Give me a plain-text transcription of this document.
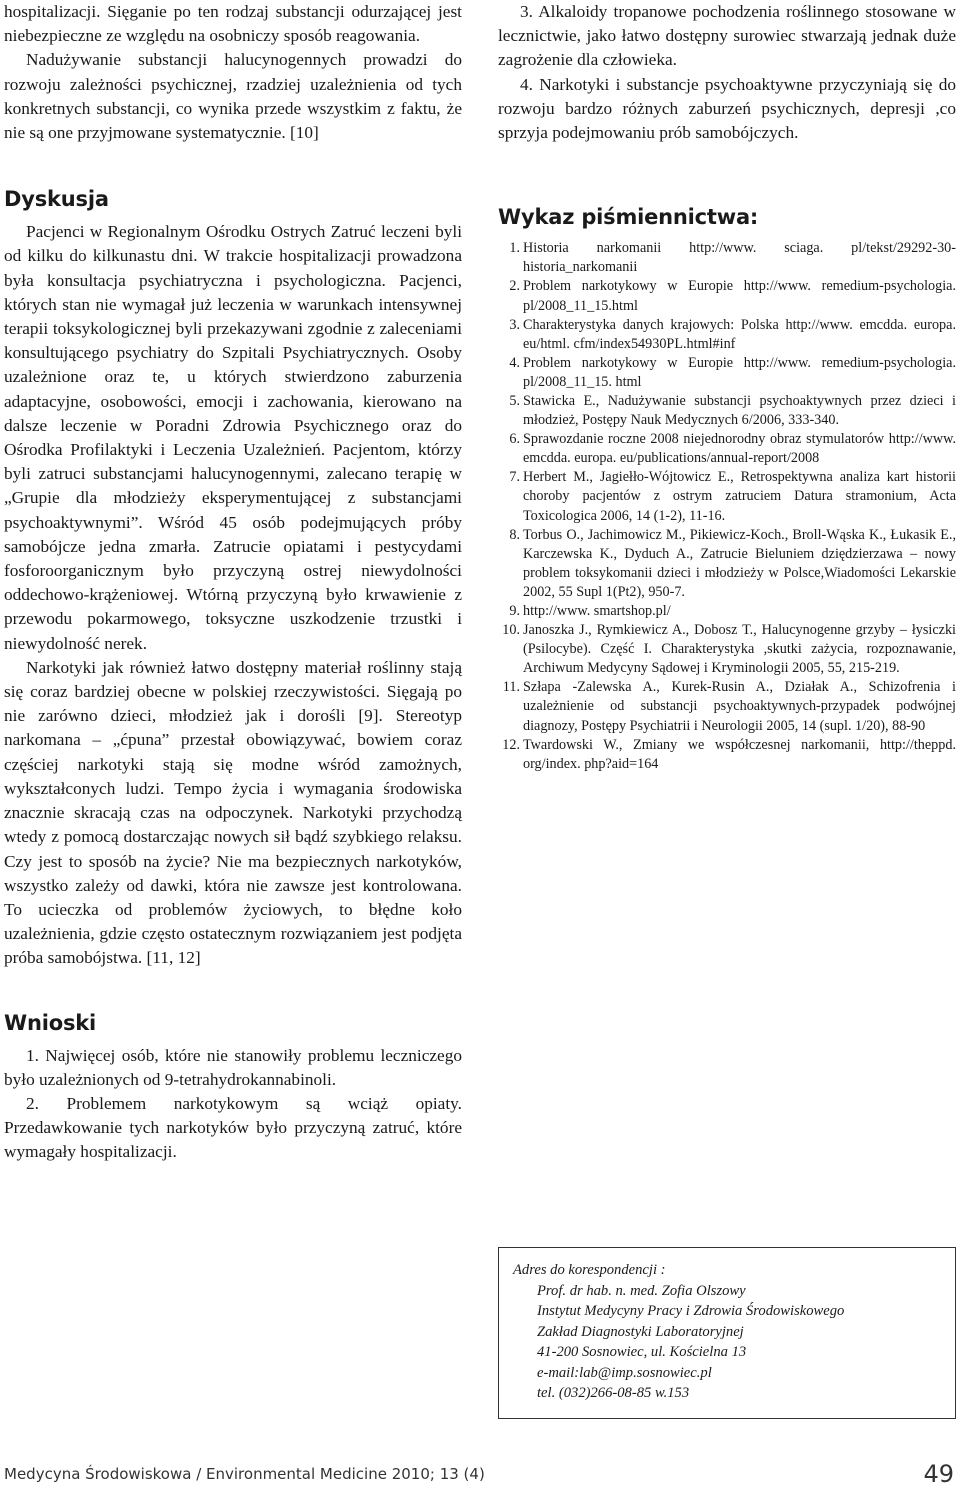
hospitalizacji. Sięganie po ten rodzaj substancji odurzającej jest niebezpieczne ze względu na osobniczy sposób reagowania.

Nadużywanie substancji halucynogennych prowadzi do rozwoju zależności psychicznej, rzadziej uzależnienia od tych konkretnych substancji, co wynika przede wszystkim z faktu, że nie są one przyjmowane systematycznie. [10]

Dyskusja

Pacjenci w Regionalnym Ośrodku Ostrych Zatruć leczeni byli od kilku do kilkunastu dni. W trakcie hospitalizacji prowadzona była konsultacja psychiatryczna i psychologiczna. Pacjenci, których stan nie wymagał już leczenia w warunkach intensywnej terapii toksykologicznej byli przekazywani zgodnie z zaleceniami konsultującego psychiatry do Szpitali Psychiatrycznych. Osoby uzależnione oraz te, u których stwierdzono zaburzenia adaptacyjne, osobowości, emocji i zachowania, kierowano na dalsze leczenie w Poradni Zdrowia Psychicznego oraz do Ośrodka Profilaktyki i Leczenia Uzależnień. Pacjentom, którzy byli zatruci substancjami halucynogennymi, zalecano terapię w „Grupie dla młodzieży eksperymentującej z substancjami psychoaktywnymi”. Wśród 45 osób podejmujących próby samobójcze jedna zmarła. Zatrucie opiatami i pestycydami fosforoorganicznym było przyczyną ostrej niewydolności oddechowo-krążeniowej. Wtórną przyczyną było krwawienie z przewodu pokarmowego, toksyczne uszkodzenie trzustki i niewydolność nerek.

Narkotyki jak również łatwo dostępny materiał roślinny stają się coraz bardziej obecne w polskiej rzeczywistości. Sięgają po nie zarówno dzieci, młodzież jak i dorośli [9]. Stereotyp narkomana – „ćpuna” przestał obowiązywać, bowiem coraz częściej narkotyki stają się modne wśród zamożnych, wykształconych ludzi. Tempo życia i wymagania środowiska znacznie skracają czas na odpoczynek. Narkotyki przychodzą wtedy z pomocą dostarczając nowych sił bądź szybkiego relaksu. Czy jest to sposób na życie? Nie ma bezpiecznych narkotyków, wszystko zależy od dawki, która nie zawsze jest kontrolowana. To ucieczka od problemów życiowych, to błędne koło uzależnienia, gdzie często ostatecznym rozwiązaniem jest podjęta próba samobójstwa. [11, 12]

Wnioski

1. Najwięcej osób, które nie stanowiły problemu leczniczego było uzależnionych od 9-tetrahydrokannabinoli.

2. Problemem narkotykowym są wciąż opiaty. Przedawkowanie tych narkotyków było przyczyną zatruć, które wymagały hospitalizacji.

3. Alkaloidy tropanowe pochodzenia roślinnego stosowane w lecznictwie, jako łatwo dostępny surowiec stwarzają jednak duże zagrożenie dla człowieka.

4. Narkotyki i substancje psychoaktywne przyczyniają się do rozwoju bardzo różnych zaburzeń psychicznych, depresji ,co sprzyja podejmowaniu prób samobójczych.

Wykaz piśmiennictwa:
1. Historia narkomanii http://www. sciaga. pl/tekst/29292-30-historia_narkomanii
2. Problem narkotykowy w Europie http://www. remedium-psychologia. pl/2008_11_15.html
3. Charakterystyka danych krajowych: Polska http://www. emcdda. europa. eu/html. cfm/index54930PL.html#inf
4. Problem narkotykowy w Europie http://www. remedium-psychologia. pl/2008_11_15. html
5. Stawicka E., Nadużywanie substancji psychoaktywnych przez dzieci i młodzież, Postępy Nauk Medycznych 6/2006, 333-340.
6. Sprawozdanie roczne 2008 niejednorodny obraz stymulatorów http://www. emcdda. europa. eu/publications/annual-report/2008
7. Herbert M., Jagiełło-Wójtowicz E., Retrospektywna analiza kart historii choroby pacjentów z ostrym zatruciem Datura stramonium, Acta Toxicologica 2006, 14 (1-2), 11-16.
8. Torbus O., Jachimowicz M., Pikiewicz-Koch., Broll-Wąska K., Łukasik E., Karczewska K., Dyduch A., Zatrucie Bieluniem dziędzierzawa – nowy problem toksykomanii dzieci i młodzieży w Polsce,Wiadomości Lekarskie 2002, 55 Supl 1(Pt2), 950-7.
9. http://www. smartshop.pl/
10. Janoszka J., Rymkiewicz A., Dobosz T., Halucynogenne grzyby – łysiczki (Psilocybe). Część I. Charakterystyka ,skutki zażycia, rozpoznawanie, Archiwum Medycyny Sądowej i Kryminologii 2005, 55, 215-219.
11. Szłapa -Zalewska A., Kurek-Rusin A., Działak A., Schizofrenia i uzależnienie od substancji psychoaktywnych-przypadek podwójnej diagnozy, Postępy Psychiatrii i Neurologii 2005, 14 (supl. 1/20), 88-90
12. Twardowski W., Zmiany we współczesnej narkomanii, http://theppd. org/index. php?aid=164

Adres do korespondencji :

Prof. dr hab. n. med. Zofia Olszowy

Instytut Medycyny Pracy i Zdrowia Środowiskowego

Zakład Diagnostyki Laboratoryjnej

41-200 Sosnowiec, ul. Kościelna 13

e-mail:lab@imp.sosnowiec.pl

tel. (032)266-08-85 w.153

Medycyna Środowiskowa / Environmental Medicine 2010; 13 (4)	49
